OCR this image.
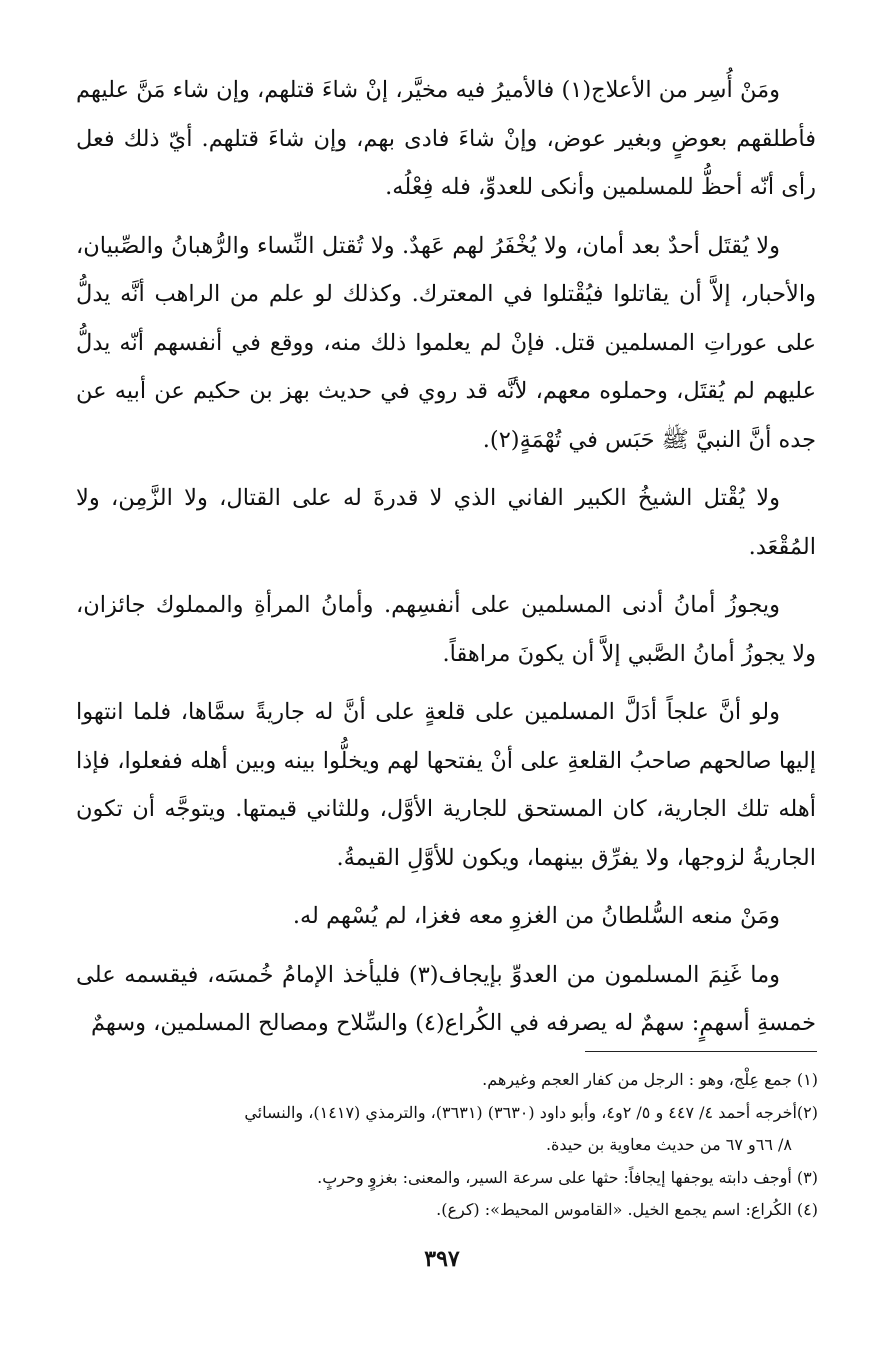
ومَنْ أُسِر من الأعلاج(١) فالأميرُ فيه مخيَّر، إنْ شاءَ قتلهم، وإن شاء مَنَّ عليهم فأطلقهم بعوضٍ وبغير عوض، وإنْ شاءَ فادى بهم، وإن شاءَ قتلهم. أيّ ذلك فعل رأى أنّه أحظُّ للمسلمين وأنكى للعدوِّ، فله فِعْلُه.

ولا يُقتَل أحدٌ بعد أمان، ولا يُخْفَرُ لهم عَهدٌ. ولا تُقتل النِّساء والرُّهبانُ والصِّبيان، والأحبار، إلاَّ أن يقاتلوا فيُقْتلوا في المعترك. وكذلك لو علم من الراهب أنَّه يدلُّ على عوراتِ المسلمين قتل. فإنْ لم يعلموا ذلك منه، ووقع في أنفسهم أنّه يدلُّ عليهم لم يُقتَل، وحملوه معهم، لأنَّه قد روي في حديث بهز بن حكيم عن أبيه عن جده أنَّ النبيَّ ﷺ حَبَس في تُهْمَةٍ(٢).

ولا يُقْتل الشيخُ الكبير الفاني الذي لا قدرةَ له على القتال، ولا الزَّمِن، ولا المُقْعَد.

ويجوزُ أمانُ أدنى المسلمين على أنفسِهم. وأمانُ المرأةِ والمملوك جائزان، ولا يجوزُ أمانُ الصَّبي إلاَّ أن يكونَ مراهقاً.

ولو أنَّ علجاً أدَلَّ المسلمين على قلعةٍ على أنَّ له جاريةً سمَّاها، فلما انتهوا إليها صالحهم صاحبُ القلعةِ على أنْ يفتحها لهم ويخلُّوا بينه وبين أهله ففعلوا، فإذا أهله تلك الجارية، كان المستحق للجارية الأوَّل، وللثاني قيمتها. ويتوجَّه أن تكون الجاريةُ لزوجها، ولا يفرِّق بينهما، ويكون للأوَّلِ القيمةُ.

ومَنْ منعه السُّلطانُ من الغزوِ معه فغزا، لم يُسْهم له.

وما غَنِمَ المسلمون من العدوِّ بإيجاف(٣) فليأخذ الإمامُ خُمسَه، فيقسمه على خمسةِ أسهمٍ: سهمٌ له يصرفه في الكُراع(٤) والسِّلاح ومصالح المسلمين، وسهمٌ

(١) جمع عِلْج، وهو : الرجل من كفار العجم وغيرهم.

(٢)أخرجه أحمد ٤/ ٤٤٧ و ٥/ ٢و٤، وأبو داود (٣٦٣٠) (٣٦٣١)، والترمذي (١٤١٧)، والنسائي

٨/ ٦٦و ٦٧ من حديث معاوية بن حيدة.

(٣) أوجف دابته يوجفها إيجافاً: حثها على سرعة السير، والمعنى: بغزوٍ وحربٍ.

(٤) الكُراع: اسم يجمع الخيل. «القاموس المحيط»: (كرع).

٣٩٧
